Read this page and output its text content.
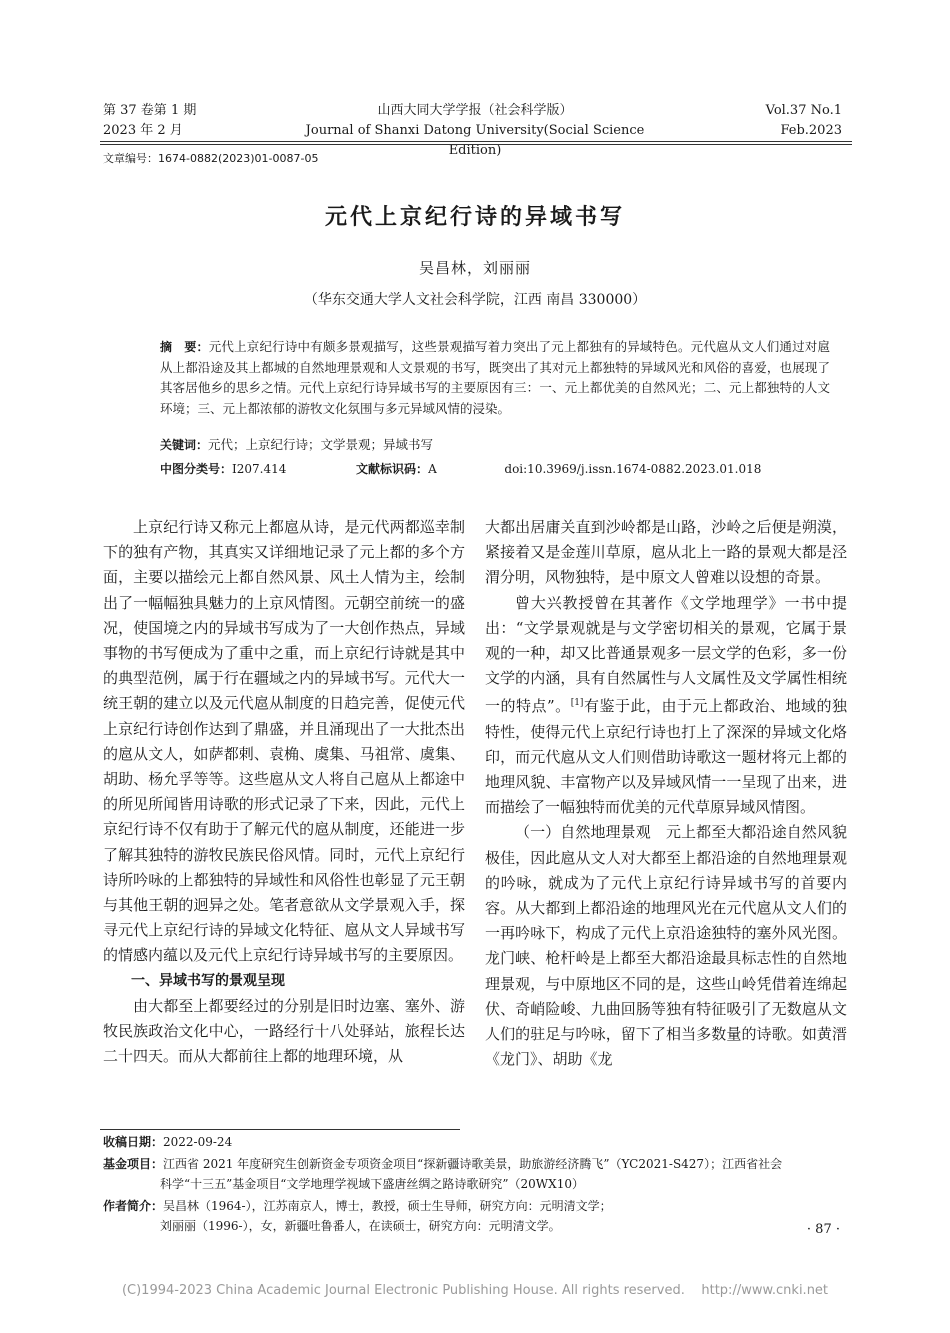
第 37 卷第 1 期
2023 年 2 月
山西大同大学学报（社会科学版）
Journal of Shanxi Datong University(Social Science Edition)
Vol.37 No.1
Feb.2023
文章编号：1674-0882(2023)01-0087-05
元代上京纪行诗的异域书写
吴昌林，刘丽丽
（华东交通大学人文社会科学院，江西 南昌 330000）
摘　要：元代上京纪行诗中有颇多景观描写，这些景观描写着力突出了元上都独有的异域特色。元代扈从文人们通过对扈从上都沿途及其上都城的自然地理景观和人文景观的书写，既突出了其对元上都独特的异域风光和风俗的喜爱，也展现了其客居他乡的思乡之情。元代上京纪行诗异域书写的主要原因有三：一、元上都优美的自然风光；二、元上都独特的人文环境；三、元上都浓郁的游牧文化氛围与多元异域风情的浸染。
关键词：元代；上京纪行诗；文学景观；异域书写
中图分类号：I207.414	文献标识码：A	doi:10.3969/j.issn.1674-0882.2023.01.018

上京纪行诗又称元上都扈从诗，是元代两都巡幸制下的独有产物，其真实又详细地记录了元上都的多个方面，主要以描绘元上都自然风景、风土人情为主，绘制出了一幅幅独具魅力的上京风情图。元朝空前统一的盛况，使国境之内的异域书写成为了一大创作热点，异域事物的书写便成为了重中之重，而上京纪行诗就是其中的典型范例，属于行在疆域之内的异域书写。元代大一统王朝的建立以及元代扈从制度的日趋完善，促使元代上京纪行诗创作达到了鼎盛，并且涌现出了一大批杰出的扈从文人，如萨都剌、袁桷、虞集、马祖常、虞集、胡助、杨允孚等等。这些扈从文人将自己扈从上都途中的所见所闻皆用诗歌的形式记录了下来，因此，元代上京纪行诗不仅有助于了解元代的扈从制度，还能进一步了解其独特的游牧民族民俗风情。同时，元代上京纪行诗所吟咏的上都独特的异域性和风俗性也彰显了元王朝与其他王朝的迥异之处。笔者意欲从文学景观入手，探寻元代上京纪行诗的异域文化特征、扈从文人异域书写的情感内蕴以及元代上京纪行诗异域书写的主要原因。

一、异域书写的景观呈现

由大都至上都要经过的分别是旧时边塞、塞外、游牧民族政治文化中心，一路经行十八处驿站，旅程长达二十四天。而从大都前往上都的地理环境，从

大都出居庸关直到沙岭都是山路，沙岭之后便是朔漠，紧接着又是金莲川草原，扈从北上一路的景观大都是泾渭分明，风物独特，是中原文人曾难以设想的奇景。

曾大兴教授曾在其著作《文学地理学》一书中提出：“文学景观就是与文学密切相关的景观，它属于景观的一种，却又比普通景观多一层文学的色彩，多一份文学的内涵，具有自然属性与人文属性及文学属性相统一的特点”。[1]有鉴于此，由于元上都政治、地域的独特性，使得元代上京纪行诗也打上了深深的异域文化烙印，而元代扈从文人们则借助诗歌这一题材将元上都的地理风貌、丰富物产以及异域风情一一呈现了出来，进而描绘了一幅独特而优美的元代草原异域风情图。

（一）自然地理景观　 元上都至大都沿途自然风貌极佳，因此扈从文人对大都至上都沿途的自然地理景观的吟咏，就成为了元代上京纪行诗异域书写的首要内容。从大都到上都沿途的地理风光在元代扈从文人们的一再吟咏下，构成了元代上京沿途独特的塞外风光图。龙门峡、枪杆岭是上都至大都沿途最具标志性的自然地理景观，与中原地区不同的是，这些山岭凭借着连绵起伏、奇峭险峻、九曲回肠等独有特征吸引了无数扈从文人们的驻足与吟咏，留下了相当多数量的诗歌。如黄溍《龙门》、胡助《龙

收稿日期：2022-09-24
基金项目：江西省 2021 年度研究生创新资金专项资金项目“探新疆诗歌美景，助旅游经济腾飞”（YC2021-S427）；江西省社会
科学“十三五”基金项目“文学地理学视域下盛唐丝绸之路诗歌研究”（20WX10）
作者简介：吴昌林（1964-），江苏南京人，博士，教授，硕士生导师，研究方向：元明清文学；
刘丽丽（1996-），女，新疆吐鲁番人，在读硕士，研究方向：元明清文学。	· 87 ·
(C)1994-2023 China Academic Journal Electronic Publishing House. All rights reserved.    http://www.cnki.net
